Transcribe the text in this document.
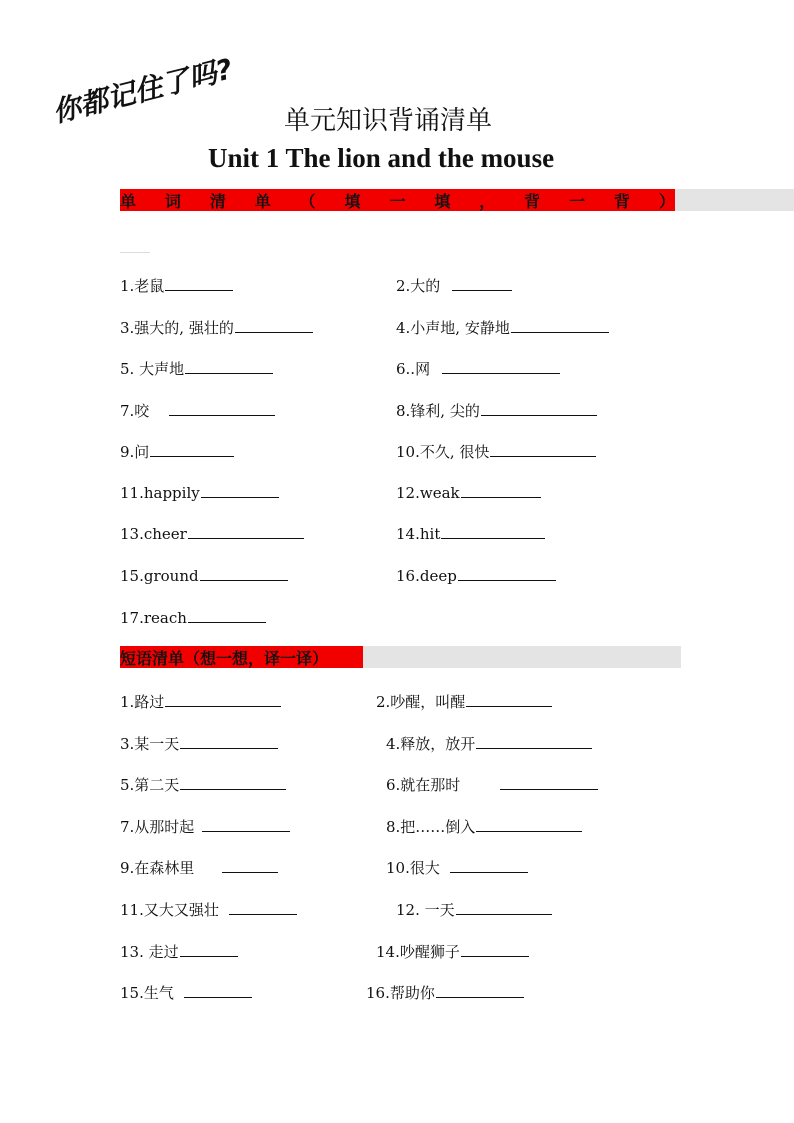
你都记住了吗? 单元知识背诵清单
Unit 1 The lion and the mouse
单 词 清 单 （ 填 一 填 ， 背 一 背 ）
1.老鼠	2.大的
3.强大的, 强壮的	4.小声地, 安静地
5. 大声地	6..网
7.咬	8.锋利, 尖的
9.问	10.不久, 很快
11.happily	12.weak
13.cheer	14.hit
15.ground	16.deep
17.reach
短语清单（想一想，译一译）
1.路过	2.吵醒，叫醒
3.某一天	4.释放，放开
5.第二天	6.就在那时
7.从那时起	8.把……倒入
9.在森林里	10.很大
11.又大又强壮	12. 一天
13. 走过	14.吵醒狮子
15.生气	16.帮助你
